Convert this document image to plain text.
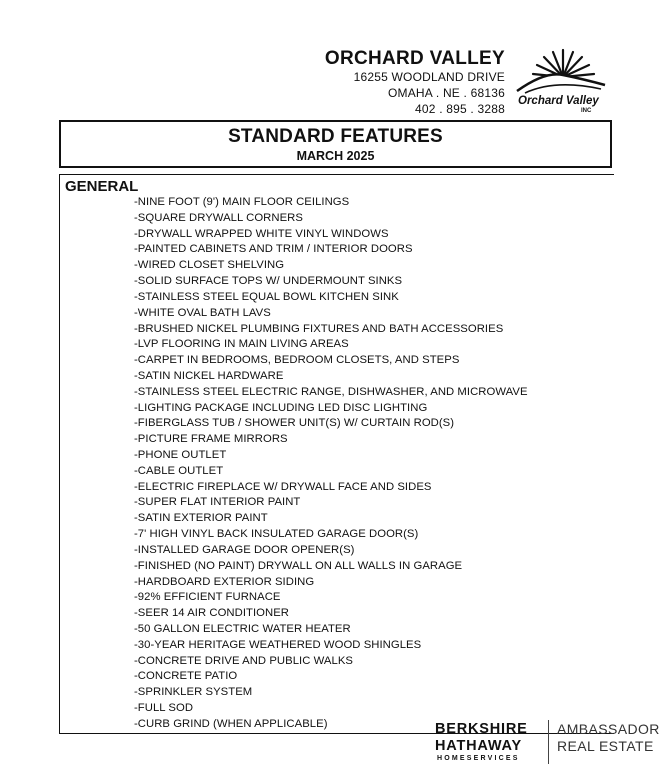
ORCHARD VALLEY
16255 WOODLAND DRIVE
OMAHA . NE . 68136
402 . 895 . 3288
Orchard Valley
INC
STANDARD FEATURES
MARCH 2025
GENERAL
-NINE FOOT (9') MAIN FLOOR CEILINGS
-SQUARE DRYWALL CORNERS
-DRYWALL WRAPPED WHITE VINYL WINDOWS
-PAINTED CABINETS AND TRIM / INTERIOR DOORS
-WIRED CLOSET SHELVING
-SOLID SURFACE TOPS W/ UNDERMOUNT SINKS
-STAINLESS STEEL EQUAL BOWL KITCHEN SINK
-WHITE OVAL BATH LAVS
-BRUSHED NICKEL PLUMBING FIXTURES AND BATH ACCESSORIES
-LVP FLOORING IN MAIN LIVING AREAS
-CARPET IN BEDROOMS, BEDROOM CLOSETS, AND STEPS
-SATIN NICKEL HARDWARE
-STAINLESS STEEL ELECTRIC RANGE, DISHWASHER, AND MICROWAVE
-LIGHTING PACKAGE INCLUDING LED DISC LIGHTING
-FIBERGLASS TUB / SHOWER UNIT(S) W/ CURTAIN ROD(S)
-PICTURE FRAME MIRRORS
-PHONE OUTLET
-CABLE OUTLET
-ELECTRIC FIREPLACE W/ DRYWALL FACE AND SIDES
-SUPER FLAT INTERIOR PAINT
-SATIN EXTERIOR PAINT
-7' HIGH VINYL BACK INSULATED GARAGE DOOR(S)
-INSTALLED GARAGE DOOR OPENER(S)
-FINISHED (NO PAINT) DRYWALL ON ALL WALLS IN GARAGE
-HARDBOARD EXTERIOR SIDING
-92% EFFICIENT FURNACE
-SEER 14 AIR CONDITIONER
-50 GALLON ELECTRIC WATER HEATER
-30-YEAR HERITAGE WEATHERED WOOD SHINGLES
-CONCRETE DRIVE AND PUBLIC WALKS
-CONCRETE PATIO
-SPRINKLER SYSTEM
-FULL SOD
-CURB GRIND (WHEN APPLICABLE)	BERKSHIRE
HATHAWAY
HOMESERVICES
AMBASSADOR
REAL ESTATE
